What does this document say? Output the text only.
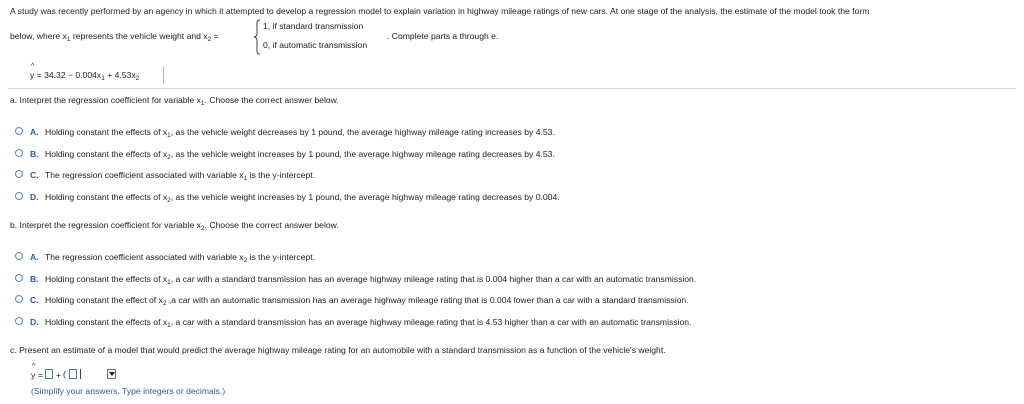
A study was recently performed by an agency in which it attempted to develop a regression model to explain variation in highway mileage ratings of new cars. At one stage of the analysis, the estimate of the model took the form
below, where $x_1$ represents the vehicle weight and $x_2$ =
1, if standard transmission
0, if automatic transmission
. Complete parts a through e.
^
$y = 34.32 - 0.004x_1 + 4.53x_2$
a. Interpret the regression coefficient for variable $x_1$. Choose the correct answer below.
A. Holding constant the effects of $x_1$, as the vehicle weight decreases by 1 pound, the average highway mileage rating increases by 4.53.
B. Holding constant the effects of $x_2$, as the vehicle weight increases by 1 pound, the average highway mileage rating decreases by 4.53.
C. The regression coefficient associated with variable $x_1$ is the y-intercept.
D. Holding constant the effects of $x_2$, as the vehicle weight increases by 1 pound, the average highway mileage rating decreases by 0.004.
b. Interpret the regression coefficient for variable $x_2$. Choose the correct answer below.
A. The regression coefficient associated with variable $x_2$ is the y-intercept.
B. Holding constant the effects of $x_1$, a car with a standard transmission has an average highway mileage rating that is 0.004 higher than a car with an automatic transmission.
C. Holding constant the effect of $x_2$ ,a car with an automatic transmission has an average highway mileage rating that is 0.004 lower than a car with a standard transmission.
D. Holding constant the effects of $x_1$, a car with a standard transmission has an average highway mileage rating that is 4.53 higher than a car with an automatic transmission.
c. Present an estimate of a model that would predict the average highway mileage rating for an automobile with a standard transmission as a function of the vehicle's weight.
^
y = + (
(Simplify your answers. Type integers or decimals.)
